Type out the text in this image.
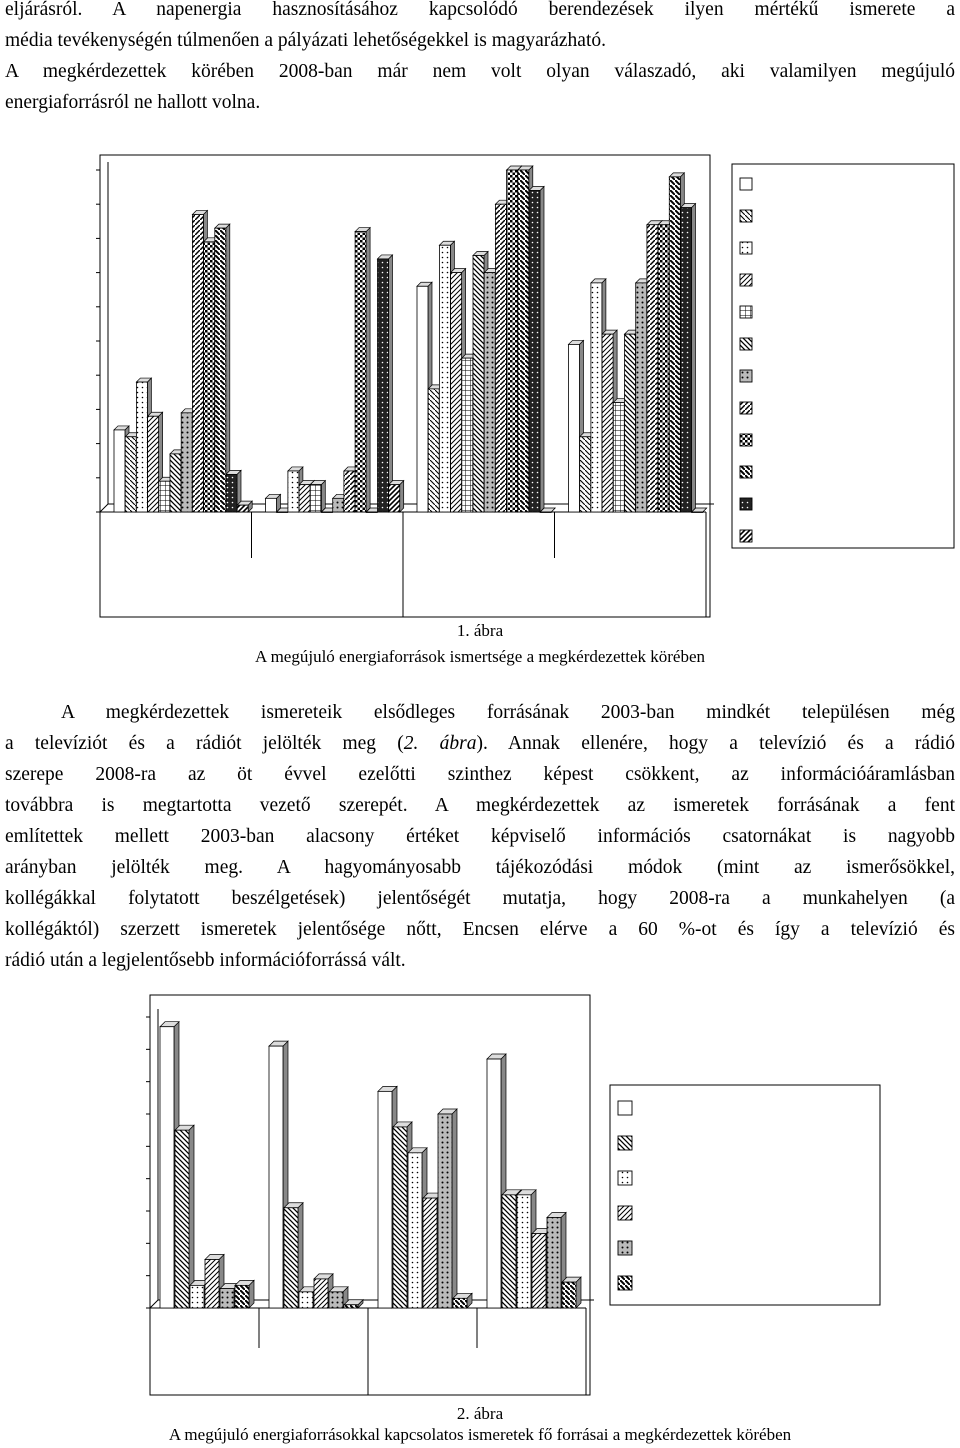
eljárásról. A napenergia hasznosításához kapcsolódó berendezések ilyen mértékű ismerete a
média tevékenységén túlmenően a pályázati lehetőségekkel is magyarázható.
A megkérdezettek körében 2008-ban már nem volt olyan válaszadó, aki valamilyen megújuló
energiaforrásról ne hallott volna.
1. ábra
A megújuló energiaforrások ismertsége a megkérdezettek körében
A megkérdezettek ismereteik elsődleges forrásának 2003-ban mindkét településen még
a televíziót és a rádiót jelölték meg (2. ábra). Annak ellenére, hogy a televízió és a rádió
szerepe 2008-ra az öt évvel ezelőtti szinthez képest csökkent, az információáramlásban
továbbra is megtartotta vezető szerepét. A megkérdezettek az ismeretek forrásának a fent
említettek mellett 2003-ban alacsony értéket képviselő információs csatornákat is nagyobb
arányban jelölték meg. A hagyományosabb tájékozódási módok (mint az ismerősökkel,
kollégákkal folytatott beszélgetések) jelentőségét mutatja, hogy 2008-ra a munkahelyen (a
kollégáktól) szerzett ismeretek jelentősége nőtt, Encsen elérve a 60 %-ot és így a televízió és
rádió után a legjelentősebb információforrássá vált.
2. ábra
A megújuló energiaforrásokkal kapcsolatos ismeretek fő forrásai a megkérdezettek körében
